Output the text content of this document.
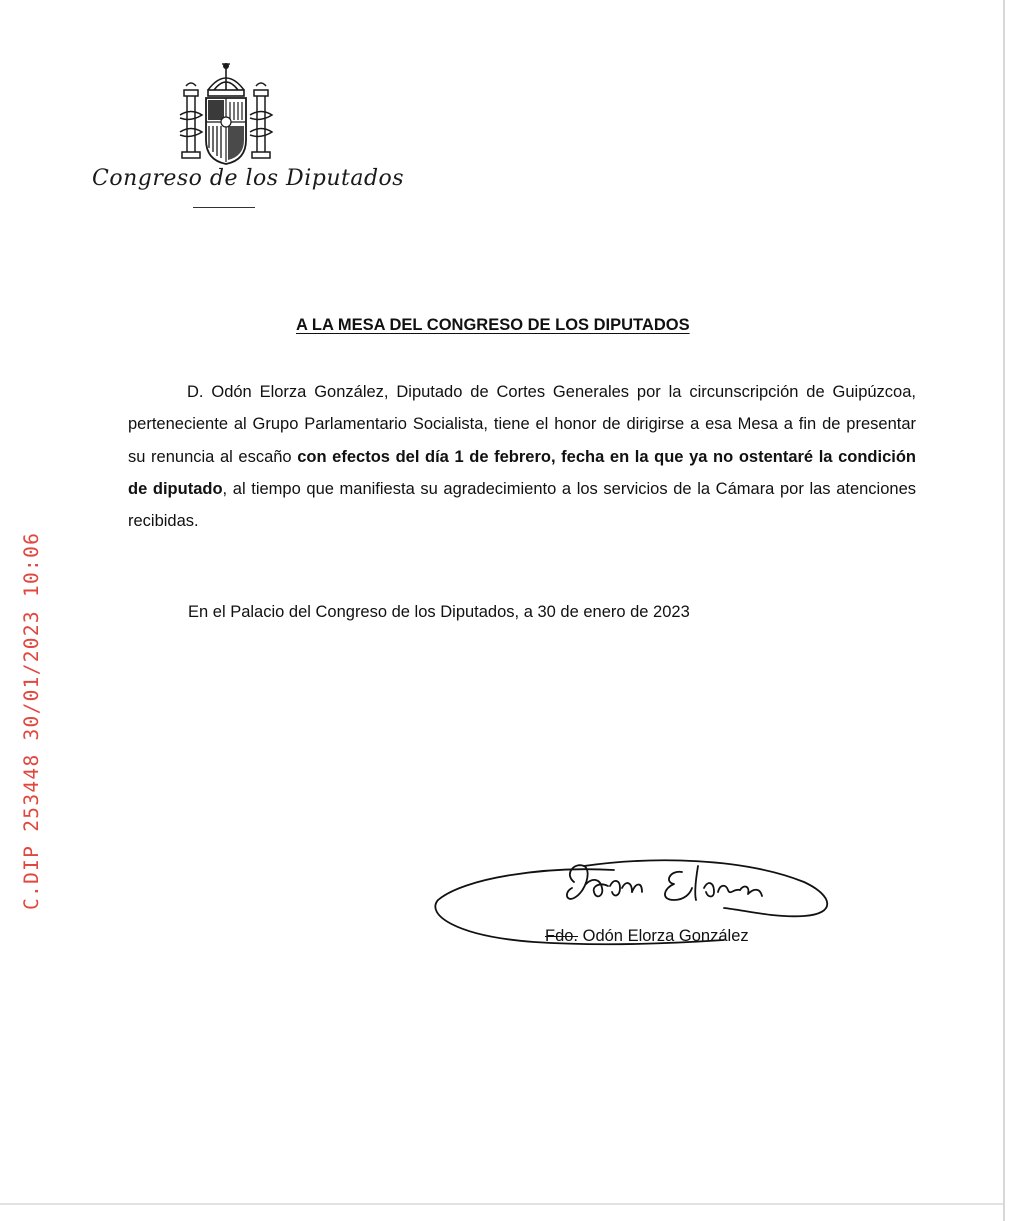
Congreso de los Diputados
A LA MESA DEL CONGRESO DE LOS DIPUTADOS

D. Odón Elorza González, Diputado de Cortes Generales por la circunscripción de Guipúzcoa, perteneciente al Grupo Parlamentario Socialista, tiene el honor de dirigirse a esa Mesa a fin de presentar su renuncia al escaño con efectos del día 1 de febrero, fecha en la que ya no ostentaré la condición de diputado, al tiempo que manifiesta su agradecimiento a los servicios de la Cámara por las atenciones recibidas.

En el Palacio del Congreso de los Diputados, a 30 de enero de 2023
Fdo. Odón Elorza González
C.DIP 253448 30/01/2023 10:06
